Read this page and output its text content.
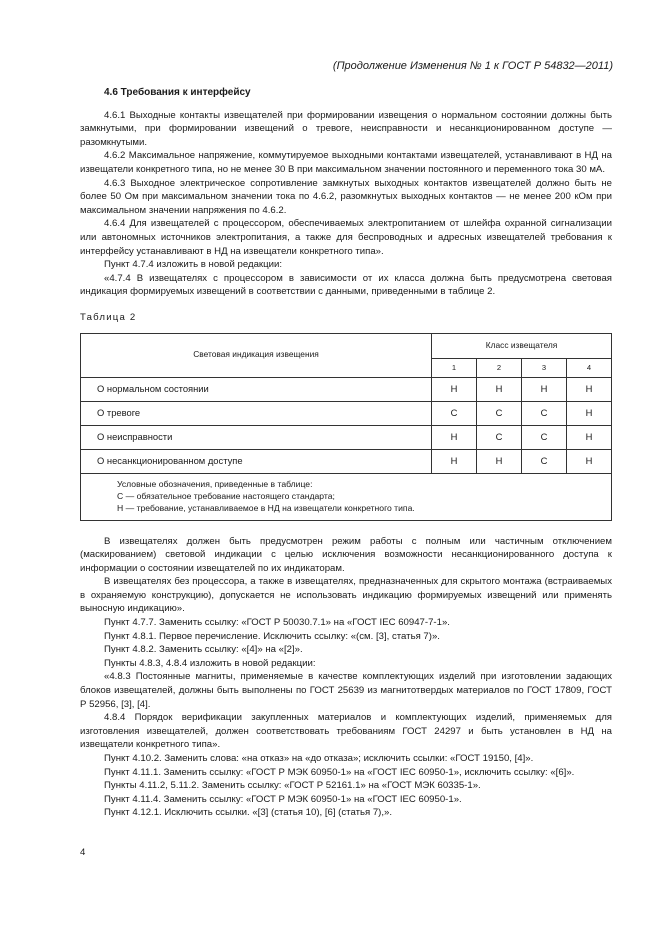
(Продолжение Изменения № 1 к ГОСТ Р 54832—2011)
4.6 Требования к интерфейсу

4.6.1 Выходные контакты извещателей при формировании извещения о нормальном состоянии должны быть замкнутыми, при формировании извещений о тревоге, неисправности и несанкционированном доступе — разомкнутыми.

4.6.2 Максимальное напряжение, коммутируемое выходными контактами извещателей, устанавливают в НД на извещатели конкретного типа, но не менее 30 В при максимальном значении постоянного и переменного тока 30 мА.

4.6.3 Выходное электрическое сопротивление замкнутых выходных контактов извещателей должно быть не более 50 Ом при максимальном значении тока по 4.6.2, разомкнутых выходных контактов — не менее 200 кОм при максимальном значении напряжения по 4.6.2.

4.6.4 Для извещателей с процессором, обеспечиваемых электропитанием от шлейфа охранной сигнализации или автономных источников электропитания, а также для беспроводных и адресных извещателей требования к интерфейсу устанавливают в НД на извещатели конкретного типа».

Пункт 4.7.4 изложить в новой редакции:

«4.7.4 В извещателях с процессором в зависимости от их класса должна быть предусмотрена световая индикация формируемых извещений в соответствии с данными, приведенными в таблице 2.

Таблица 2
Световая индикация извещения	Класс извещателя			
	1	2	3	4
О нормальном состоянии	Н	Н	Н	Н
О тревоге	С	С	С	Н
О неисправности	Н	С	С	Н
О несанкционированном доступе	Н	Н	С	Н

Условные обозначения, приведенные в таблице:
С — обязательное требование настоящего стандарта;
Н — требование, устанавливаемое в НД на извещатели конкретного типа.				

В извещателях должен быть предусмотрен режим работы с полным или частичным отключением (маскированием) световой индикации с целью исключения возможности несанкционированного доступа к информации о состоянии извещателей по их индикаторам.

В извещателях без процессора, а также в извещателях, предназначенных для скрытого монтажа (встраиваемых в охраняемую конструкцию), допускается не использовать индикацию формируемых извещений или применять выносную индикацию».

Пункт 4.7.7. Заменить ссылку: «ГОСТ Р 50030.7.1» на «ГОСТ IEC 60947-7-1».

Пункт 4.8.1. Первое перечисление. Исключить ссылку: «(см. [3], статья 7)».

Пункт 4.8.2. Заменить ссылку: «[4]» на «[2]».

Пункты 4.8.3, 4.8.4 изложить в новой редакции:

«4.8.3 Постоянные магниты, применяемые в качестве комплектующих изделий при изготовлении задающих блоков извещателей, должны быть выполнены по ГОСТ 25639 из магнитотвердых материалов по ГОСТ 17809, ГОСТ Р 52956, [3], [4].

4.8.4 Порядок верификации закупленных материалов и комплектующих изделий, применяемых для изготовления извещателей, должен соответствовать требованиям ГОСТ 24297 и быть установлен в НД на извещатели конкретного типа».

Пункт 4.10.2. Заменить слова: «на отказ» на «до отказа»; исключить ссылки: «ГОСТ 19150, [4]».

Пункт 4.11.1. Заменить ссылку: «ГОСТ Р МЭК 60950-1» на «ГОСТ IEC 60950-1», исключить ссылку: «[6]».

Пункты 4.11.2, 5.11.2. Заменить ссылку: «ГОСТ Р 52161.1» на «ГОСТ МЭК 60335-1».

Пункт 4.11.4. Заменить ссылку: «ГОСТ Р МЭК 60950-1» на «ГОСТ IEC 60950-1».

Пункт 4.12.1. Исключить ссылки. «[3] (статья 10), [6] (статья 7),».

4
